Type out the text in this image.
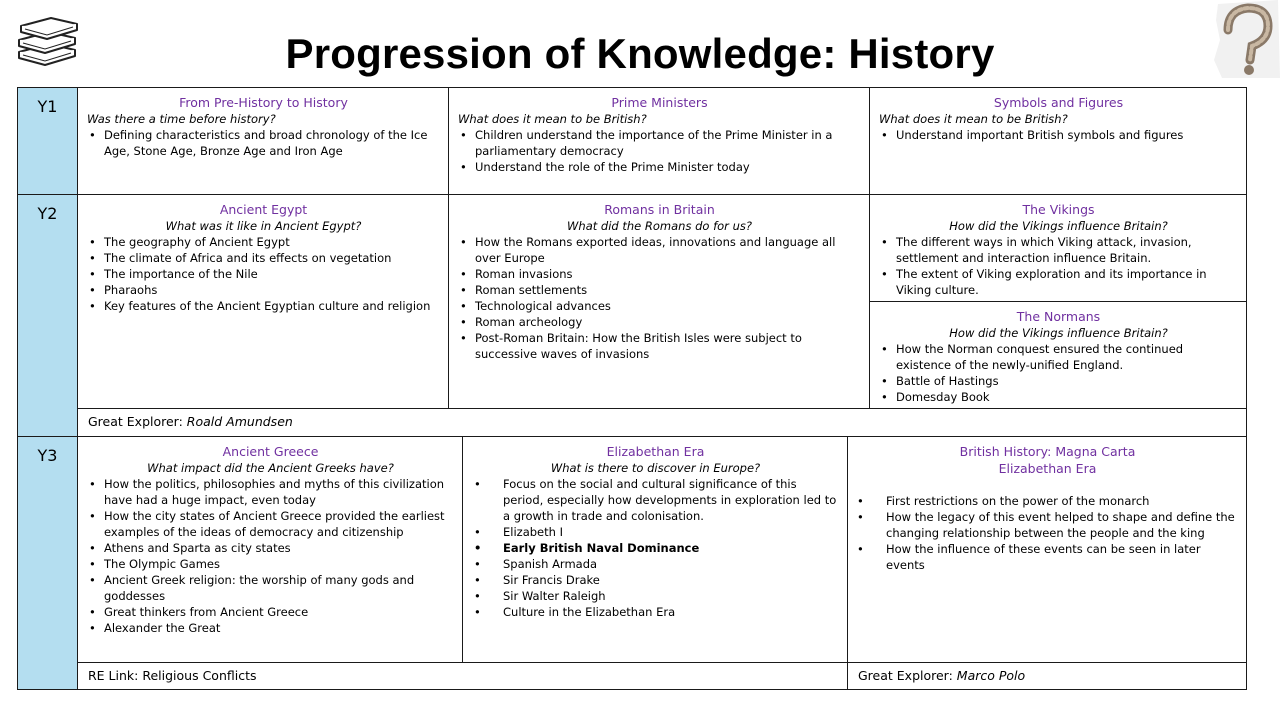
Progression of Knowledge: History
Y1
Y2
Y3
From Pre-History to History
Was there a time before history?
• Defining characteristics and broad chronology of the Ice Age, Stone Age, Bronze Age and Iron Age
Prime Ministers
What does it mean to be British?
• Children understand the importance of the Prime Minister in a parliamentary democracy
• Understand the role of the Prime Minister today
Symbols and Figures
What does it mean to be British?
• Understand important British symbols and figures
Ancient Egypt
What was it like in Ancient Egypt?
• The geography of Ancient Egypt
• The climate of Africa and its effects on vegetation
• The importance of the Nile
• Pharaohs
• Key features of the Ancient Egyptian culture and religion
Romans in Britain
What did the Romans do for us?
• How the Romans exported ideas, innovations and language all over Europe
• Roman invasions
• Roman settlements
• Technological advances
• Roman archeology
• Post-Roman Britain: How the British Isles were subject to successive waves of invasions
The Vikings
How did the Vikings influence Britain?
• The different ways in which Viking attack, invasion, settlement and interaction influence Britain.
• The extent of Viking exploration and its importance in Viking culture.
The Normans
How did the Vikings influence Britain?
• How the Norman conquest ensured the continued existence of the newly-unified England.
• Battle of Hastings
• Domesday Book
Great Explorer: Roald Amundsen
Ancient Greece
What impact did the Ancient Greeks have?
• How the politics, philosophies and myths of this civilization have had a huge impact, even today
• How the city states of Ancient Greece provided the earliest examples of the ideas of democracy and citizenship
• Athens and Sparta as city states
• The Olympic Games
• Ancient Greek religion: the worship of many gods and goddesses
• Great thinkers from Ancient Greece
• Alexander the Great
Elizabethan Era
What is there to discover in Europe?
• Focus on the social and cultural significance of this period, especially how developments in exploration led to a growth in trade and colonisation.
• Elizabeth I
• Early British Naval Dominance
• Spanish Armada
• Sir Francis Drake
• Sir Walter Raleigh
• Culture in the Elizabethan Era
British History: Magna Carta
Elizabethan Era
• First restrictions on the power of the monarch
• How the legacy of this event helped to shape and define the changing relationship between the people and the king
• How the influence of these events can be seen in later events
RE Link: Religious Conflicts	Great Explorer: Marco Polo
